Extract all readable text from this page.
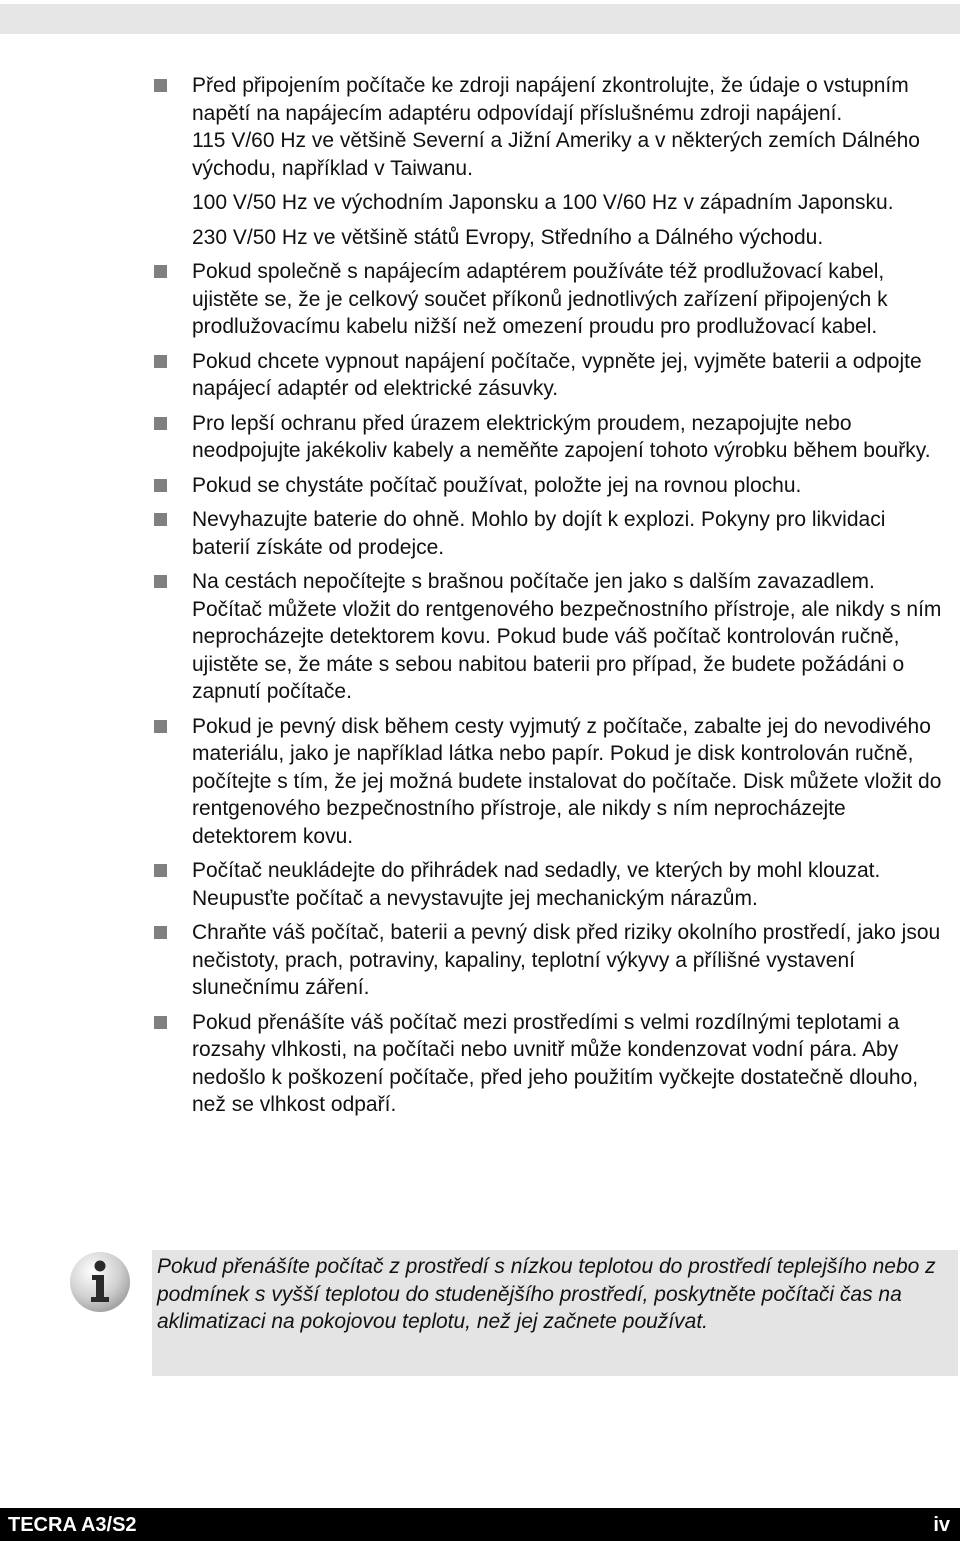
Před připojením počítače ke zdroji napájení zkontrolujte, že údaje o vstupním napětí na napájecím adaptéru odpovídají příslušnému zdroji napájení.

115 V/60 Hz ve většině Severní a Jižní Ameriky a v některých zemích Dálného východu, například v Taiwanu.

100 V/50 Hz ve východním Japonsku a 100 V/60 Hz v západním Japonsku.

230 V/50 Hz ve většině států Evropy, Středního a Dálného východu.

Pokud společně s napájecím adaptérem používáte též prodlužovací kabel, ujistěte se, že je celkový součet příkonů jednotlivých zařízení připojených k prodlužovacímu kabelu nižší než omezení proudu pro prodlužovací kabel.
Pokud chcete vypnout napájení počítače, vypněte jej, vyjměte baterii a odpojte napájecí adaptér od elektrické zásuvky.
Pro lepší ochranu před úrazem elektrickým proudem, nezapojujte nebo neodpojujte jakékoliv kabely a neměňte zapojení tohoto výrobku během bouřky.
Pokud se chystáte počítač používat, položte jej na rovnou plochu.
Nevyhazujte baterie do ohně. Mohlo by dojít k explozi. Pokyny pro likvidaci baterií získáte od prodejce.
Na cestách nepočítejte s brašnou počítače jen jako s dalším zavazadlem. Počítač můžete vložit do rentgenového bezpečnostního přístroje, ale nikdy s ním neprocházejte detektorem kovu. Pokud bude váš počítač kontrolován ručně, ujistěte se, že máte s sebou nabitou baterii pro případ, že budete požádáni o zapnutí počítače.
Pokud je pevný disk během cesty vyjmutý z počítače, zabalte jej do nevodivého materiálu, jako je například látka nebo papír. Pokud je disk kontrolován ručně, počítejte s tím, že jej možná budete instalovat do počítače. Disk můžete vložit do rentgenového bezpečnostního přístroje, ale nikdy s ním neprocházejte detektorem kovu.
Počítač neukládejte do přihrádek nad sedadly, ve kterých by mohl klouzat. Neupusťte počítač a nevystavujte jej mechanickým nárazům.
Chraňte váš počítač, baterii a pevný disk před riziky okolního prostředí, jako jsou nečistoty, prach, potraviny, kapaliny, teplotní výkyvy a přílišné vystavení slunečnímu záření.
Pokud přenášíte váš počítač mezi prostředími s velmi rozdílnými teplotami a rozsahy vlhkosti, na počítači nebo uvnitř může kondenzovat vodní pára. Aby nedošlo k poškození počítače, před jeho použitím vyčkejte dostatečně dlouho, než se vlhkost odpaří.
Pokud přenášíte počítač z prostředí s nízkou teplotou do prostředí teplejšího nebo z podmínek s vyšší teplotou do studenějšího prostředí, poskytněte počítači čas na aklimatizaci na pokojovou teplotu, než jej začnete používat.
TECRA A3/S2	iv
